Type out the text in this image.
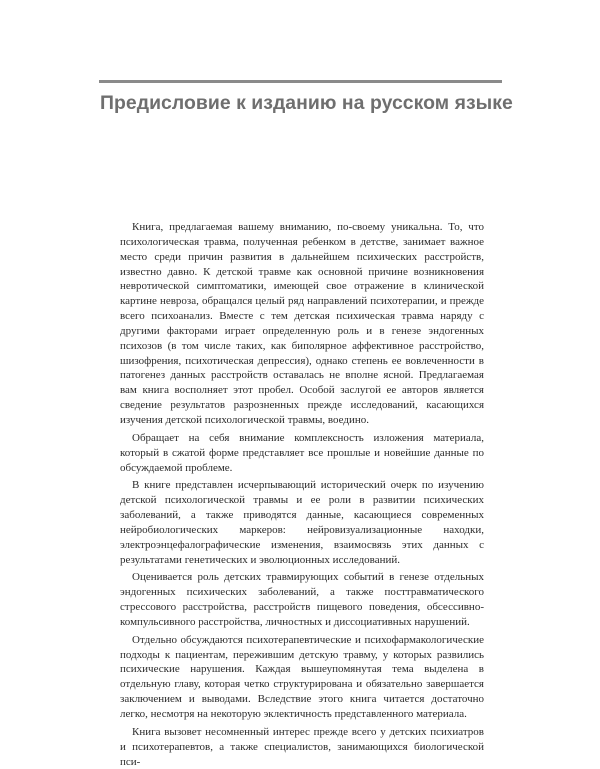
Предисловие к изданию на русском языке

Книга, предлагаемая вашему вниманию, по-своему уникальна. То, что психологическая травма, полученная ребенком в детстве, занимает важное место среди причин развития в дальнейшем психических расстройств, известно давно. К детской травме как основной причине возникновения невротической симптоматики, имеющей свое отражение в клинической картине невроза, обращался целый ряд направлений психотерапии, и прежде всего психоанализ. Вместе с тем детская психическая травма наряду с другими факторами играет определенную роль и в генезе эндогенных психозов (в том числе таких, как биполярное аффективное расстройство, шизофрения, психотическая депрессия), однако степень ее вовлеченности в патогенез данных расстройств оставалась не вполне ясной. Предлагаемая вам книга восполняет этот пробел. Особой заслугой ее авторов является сведение результатов разрозненных прежде исследований, касающихся изучения детской психологической травмы, воедино.

Обращает на себя внимание комплексность изложения материала, который в сжатой форме представляет все прошлые и новейшие данные по обсуждаемой проблеме.

В книге представлен исчерпывающий исторический очерк по изучению детской психологической травмы и ее роли в развитии психических заболеваний, а также приводятся данные, касающиеся современных нейробиологических маркеров: нейровизуализационные находки, электроэнцефалографические изменения, взаимосвязь этих данных с результатами генетических и эволюционных исследований.

Оценивается роль детских травмирующих событий в генезе отдельных эндогенных психических заболеваний, а также посттравматического стрессового расстройства, расстройств пищевого поведения, обсессивно-компульсивного расстройства, личностных и диссоциативных нарушений.

Отдельно обсуждаются психотерапевтические и психофармакологические подходы к пациентам, пережившим детскую травму, у которых развились психические нарушения. Каждая вышеупомянутая тема выделена в отдельную главу, которая четко структурирована и обязательно завершается заключением и выводами. Вследствие этого книга читается достаточно легко, несмотря на некоторую эклектичность представленного материала.

Книга вызовет несомненный интерес прежде всего у детских психиатров и психотерапевтов, а также специалистов, занимающихся биологической пси-
